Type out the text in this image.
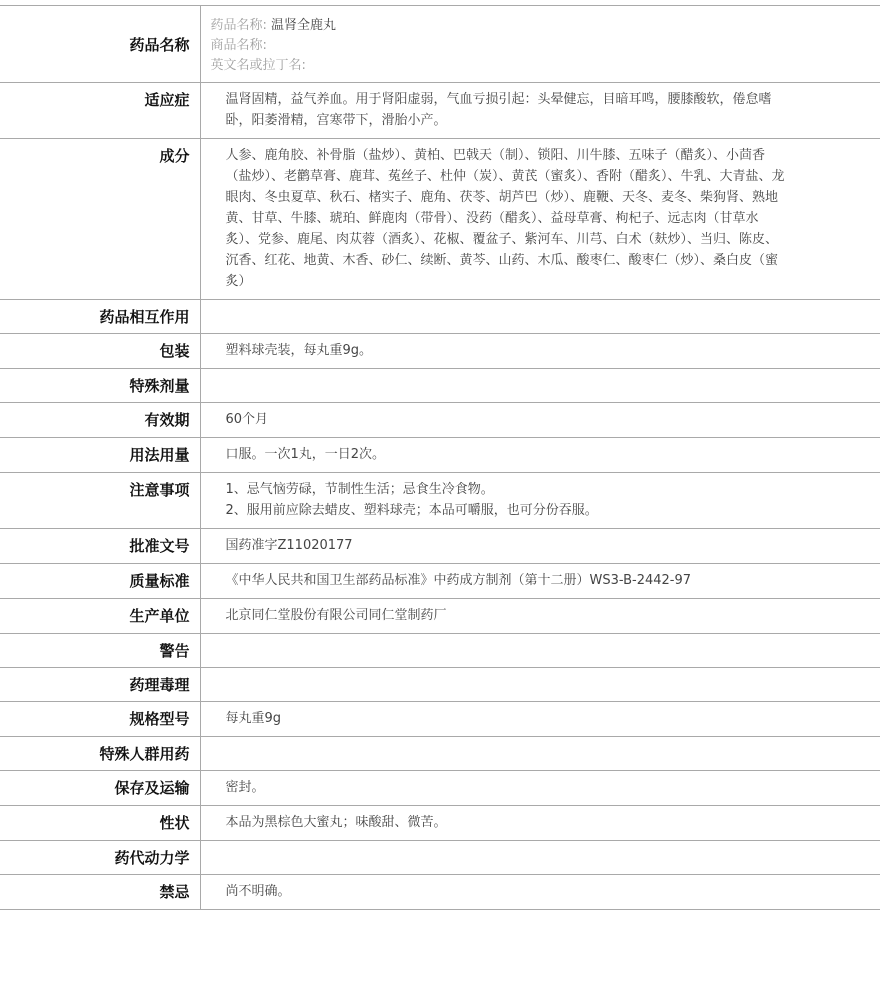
药品名称	药品名称: 温肾全鹿丸
商品名称:
英文名或拉丁名:

适应症	温肾固精，益气养血。用于肾阳虚弱，气血亏损引起：头晕健忘，目暗耳鸣，腰膝酸软，倦怠嗜卧，阳萎滑精，宫寒带下，滑胎小产。
成分	人参、鹿角胶、补骨脂（盐炒）、黄柏、巴戟天（制）、锁阳、川牛膝、五味子（醋炙）、小茴香（盐炒）、老鹳草膏、鹿茸、菟丝子、杜仲（炭）、黄芪（蜜炙）、香附（醋炙）、牛乳、大青盐、龙眼肉、冬虫夏草、秋石、楮实子、鹿角、茯苓、胡芦巴（炒）、鹿鞭、天冬、麦冬、柴狗肾、熟地黄、甘草、牛膝、琥珀、鲜鹿肉（带骨）、没药（醋炙）、益母草膏、枸杞子、远志肉（甘草水炙）、党参、鹿尾、肉苁蓉（酒炙）、花椒、覆盆子、紫河车、川芎、白术（麸炒）、当归、陈皮、沉香、红花、地黄、木香、砂仁、续断、黄芩、山药、木瓜、酸枣仁、酸枣仁（炒）、桑白皮（蜜炙）
药品相互作用	

包装	塑料球壳装，每丸重9g。
特殊剂量	

有效期	60个月
用法用量	口服。一次1丸，一日2次。
注意事项	1、忌气恼劳碌，节制性生活；忌食生冷食物。
2、服用前应除去蜡皮、塑料球壳；本品可嚼服，也可分份吞服。

批准文号	国药准字Z11020177
质量标准	《中华人民共和国卫生部药品标准》中药成方制剂（第十二册）WS3-B-2442-97
生产单位	北京同仁堂股份有限公司同仁堂制药厂
警告	

药理毒理	

规格型号	每丸重9g
特殊人群用药	

保存及运输	密封。
性状	本品为黑棕色大蜜丸；味酸甜、微苦。
药代动力学	

禁忌	尚不明确。
